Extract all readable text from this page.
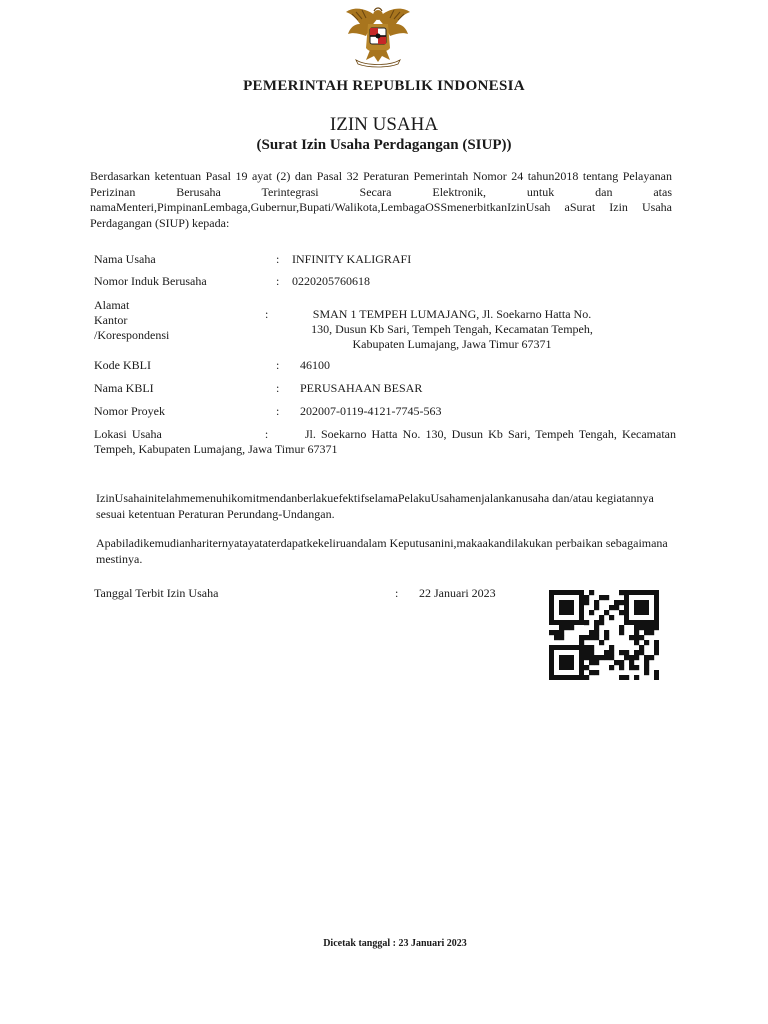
PEMERINTAH REPUBLIK INDONESIA
IZIN USAHA
(Surat Izin Usaha Perdagangan (SIUP))
Berdasarkan ketentuan Pasal 19 ayat (2) dan Pasal 32 Peraturan Pemerintah Nomor 24 tahun2018 tentang Pelayanan Perizinan Berusaha Terintegrasi Secara Elektronik, untuk dan atas namaMenteri,PimpinanLembaga,Gubernur,Bupati/Walikota,LembagaOSSmenerbitkanIzinUsah aSurat Izin Usaha Perdagangan (SIUP) kepada:
Nama Usaha	: INFINITY KALIGRAFI
Nomor Induk Berusaha	: 0220205760618
Alamat
Kantor
/Korespondensi
:	SMAN 1 TEMPEH LUMAJANG, Jl. Soekarno Hatta No.
130, Dusun Kb Sari, Tempeh Tengah, Kecamatan Tempeh,
Kabupaten Lumajang, Jawa Timur 67371
Kode KBLI	: 46100
Nama KBLI	: PERUSAHAAN BESAR
Nomor Proyek	: 202007-0119-4121-7745-563
Lokasi Usaha	:	Jl. Soekarno Hatta No. 130, Dusun Kb Sari, Tempeh Tengah, Kecamatan Tempeh, Kabupaten Lumajang, Jawa Timur 67371
IzinUsahainitelahmemenuhikomitmendanberlakuefektifselamaPelakuUsahamenjalankanusaha dan/atau kegiatannya sesuai ketentuan Peraturan Perundang-Undangan.
Apabiladikemudianhariternyatayataterdapatkekeliruandalam Keputusanini,makaakandilakukan perbaikan sebagaimana mestinya.
Tanggal Terbit Izin Usaha	: 22 Januari 2023
Dicetak tanggal : 23 Januari 2023
